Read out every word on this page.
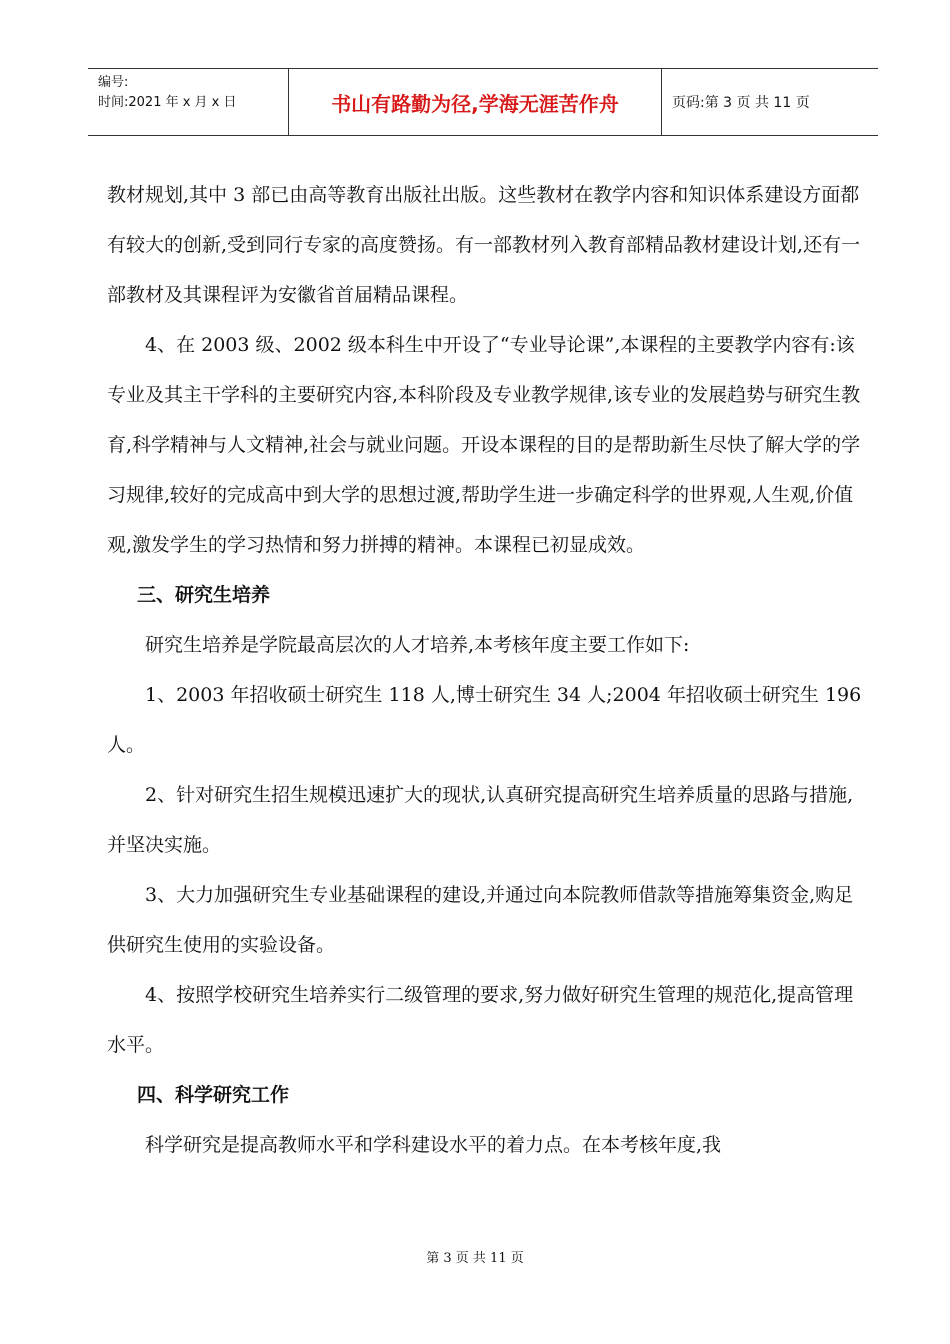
编号:
时间:2021 年 x 月 x 日	书山有路勤为径,学海无涯苦作舟	页码:第 3 页 共 11 页

教材规划,其中 3 部已由高等教育出版社出版。这些教材在教学内容和知识体系建设方面都有较大的创新,受到同行专家的高度赞扬。有一部教材列入教育部精品教材建设计划,还有一部教材及其课程评为安徽省首届精品课程。

4、在 2003 级、2002 级本科生中开设了“专业导论课”,本课程的主要教学内容有:该专业及其主干学科的主要研究内容,本科阶段及专业教学规律,该专业的发展趋势与研究生教育,科学精神与人文精神,社会与就业问题。开设本课程的目的是帮助新生尽快了解大学的学习规律,较好的完成高中到大学的思想过渡,帮助学生进一步确定科学的世界观,人生观,价值观,激发学生的学习热情和努力拼搏的精神。本课程已初显成效。

三、研究生培养

研究生培养是学院最高层次的人才培养,本考核年度主要工作如下:

1、2003 年招收硕士研究生 118 人,博士研究生 34 人;2004 年招收硕士研究生 196 人。

2、针对研究生招生规模迅速扩大的现状,认真研究提高研究生培养质量的思路与措施,并坚决实施。

3、大力加强研究生专业基础课程的建设,并通过向本院教师借款等措施筹集资金,购足供研究生使用的实验设备。

4、按照学校研究生培养实行二级管理的要求,努力做好研究生管理的规范化,提高管理水平。

四、科学研究工作

科学研究是提高教师水平和学科建设水平的着力点。在本考核年度,我

第 3 页 共 11 页
